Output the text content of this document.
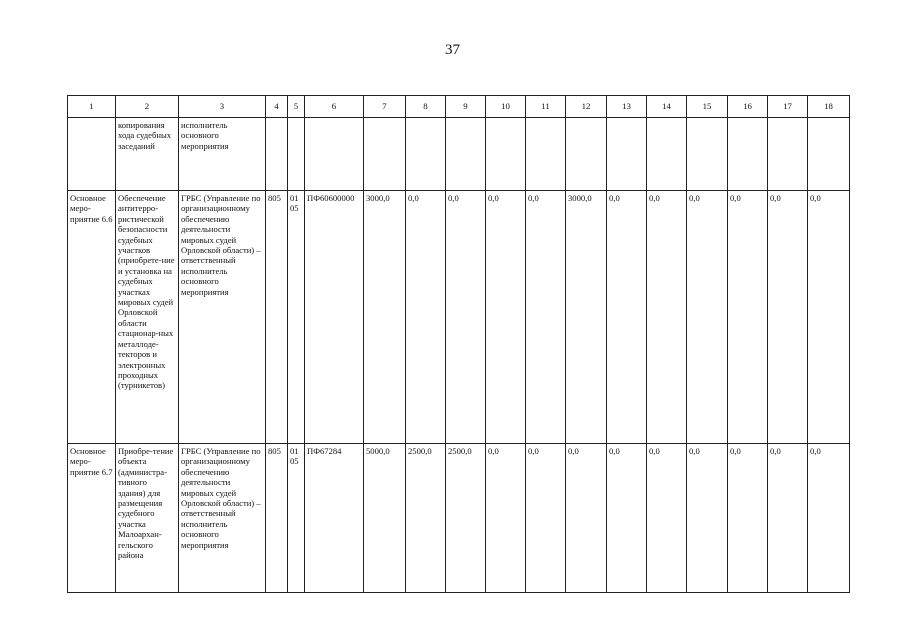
37
1	2	3	4	5	6	7	8	9	10	11	12	13	14	15	16	17	18
	копирования хода судебных заседаний	исполнитель основного мероприятия															
Основное меро-приятие 6.6	Обеспечение антитерро-ристической безопасности судебных участков (приобрете-ние и установка на судебных участках мировых судей Орловской области стационар-ных металлоде-текторов и электронных проходных (турникетов)	ГРБС (Управление по организационному обеспечению деятельности мировых судей Орловской области) – ответственный исполнитель основного мероприятия	805	01 05	ПФ60600000	3000,0	0,0	0,0	0,0	0,0	3000,0	0,0	0,0	0,0	0,0	0,0	0,0
Основное меро-приятие 6.7	Приобре-тение объекта (администра-тивного здания) для размещения судебного участка Малоархан-гельского района	ГРБС (Управление по организационному обеспечению деятельности мировых судей Орловской области) – ответственный исполнитель основного мероприятия	805	01 05	ПФ67284	5000,0	2500,0	2500,0	0,0	0,0	0,0	0,0	0,0	0,0	0,0	0,0	0,0
